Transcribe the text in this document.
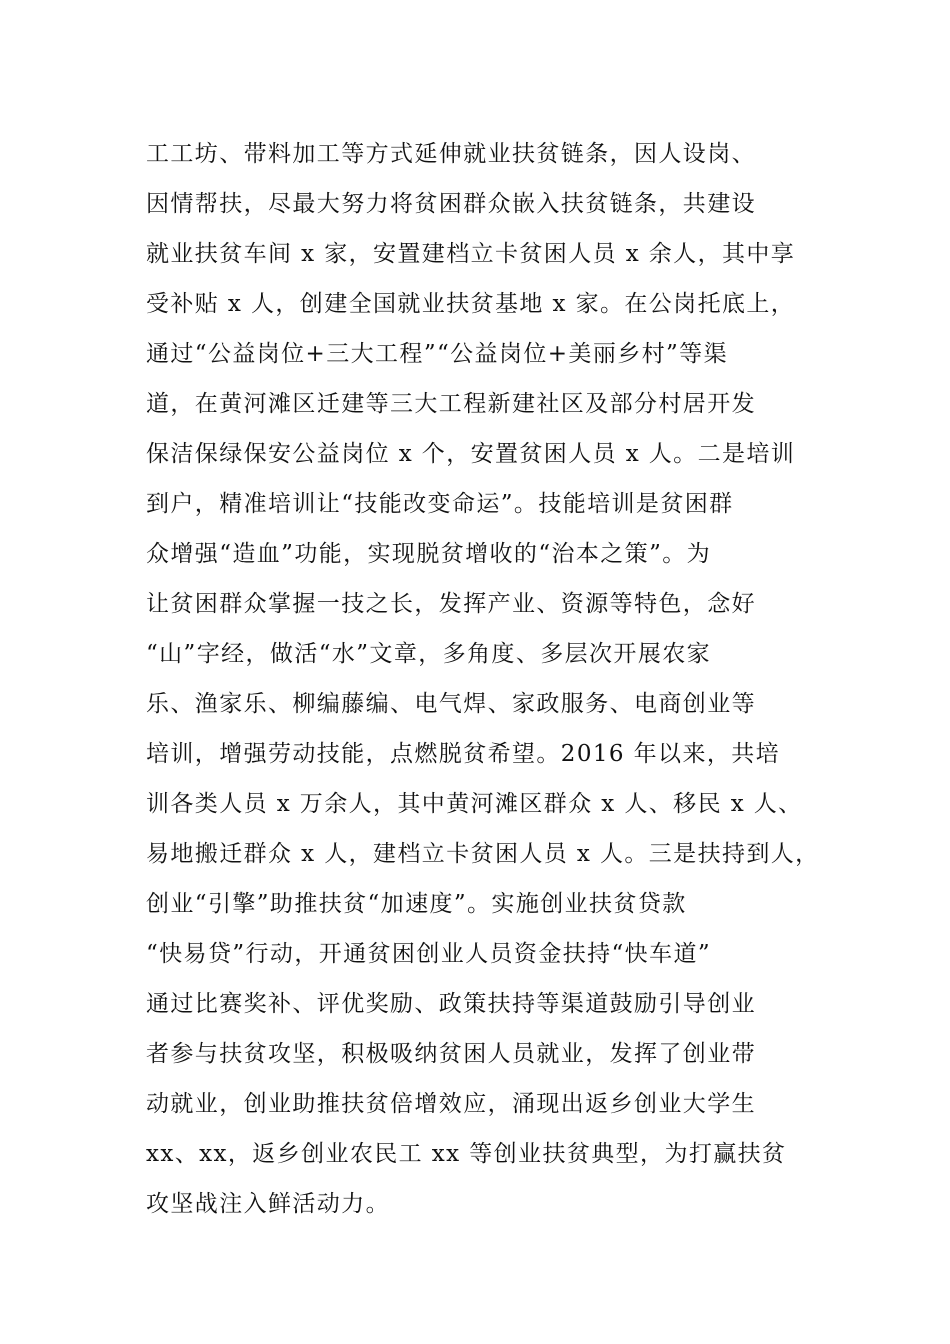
工工坊、带料加工等方式延伸就业扶贫链条，因人设岗、
因情帮扶，尽最大努力将贫困群众嵌入扶贫链条，共建设
就业扶贫车间 x 家，安置建档立卡贫困人员 x 余人，其中享
受补贴 x 人，创建全国就业扶贫基地 x 家。在公岗托底上，
通过“公益岗位+三大工程”“公益岗位+美丽乡村”等渠
道，在黄河滩区迁建等三大工程新建社区及部分村居开发
保洁保绿保安公益岗位 x 个，安置贫困人员 x 人。二是培训
到户，精准培训让“技能改变命运”。技能培训是贫困群
众增强“造血”功能，实现脱贫增收的“治本之策”。为
让贫困群众掌握一技之长，发挥产业、资源等特色，念好
“山”字经，做活“水”文章，多角度、多层次开展农家
乐、渔家乐、柳编藤编、电气焊、家政服务、电商创业等
培训，增强劳动技能，点燃脱贫希望。2016 年以来，共培
训各类人员 x 万余人，其中黄河滩区群众 x 人、移民 x 人、
易地搬迁群众 x 人，建档立卡贫困人员 x 人。三是扶持到人，
创业“引擎”助推扶贫“加速度”。实施创业扶贫贷款
“快易贷”行动，开通贫困创业人员资金扶持“快车道”
通过比赛奖补、评优奖励、政策扶持等渠道鼓励引导创业
者参与扶贫攻坚，积极吸纳贫困人员就业，发挥了创业带
动就业，创业助推扶贫倍增效应，涌现出返乡创业大学生
xx、xx，返乡创业农民工 xx 等创业扶贫典型，为打赢扶贫
攻坚战注入鲜活动力。
